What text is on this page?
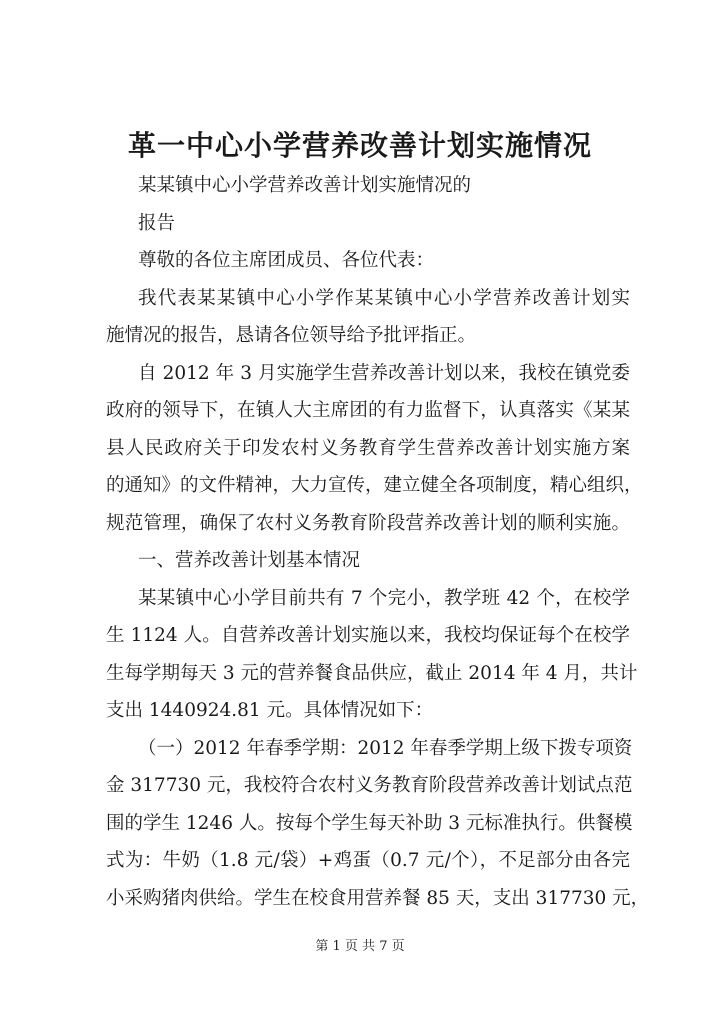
革一中心小学营养改善计划实施情况
某某镇中心小学营养改善计划实施情况的
报告
尊敬的各位主席团成员、各位代表：
我代表某某镇中心小学作某某镇中心小学营养改善计划实
施情况的报告，恳请各位领导给予批评指正。
自 2012 年 3 月实施学生营养改善计划以来，我校在镇党委
政府的领导下，在镇人大主席团的有力监督下，认真落实《某某
县人民政府关于印发农村义务教育学生营养改善计划实施方案
的通知》的文件精神，大力宣传，建立健全各项制度，精心组织，
规范管理，确保了农村义务教育阶段营养改善计划的顺利实施。
一、营养改善计划基本情况
某某镇中心小学目前共有 7 个完小，教学班 42 个，在校学
生 1124 人。自营养改善计划实施以来，我校均保证每个在校学
生每学期每天 3 元的营养餐食品供应，截止 2014 年 4 月，共计
支出 1440924.81 元。具体情况如下：
（一）2012 年春季学期：2012 年春季学期上级下拨专项资
金 317730 元，我校符合农村义务教育阶段营养改善计划试点范
围的学生 1246 人。按每个学生每天补助 3 元标准执行。供餐模
式为：牛奶（1.8 元/袋）+鸡蛋（0.7 元/个），不足部分由各完
小采购猪肉供给。学生在校食用营养餐 85 天，支出 317730 元，
第 1 页 共 7 页
